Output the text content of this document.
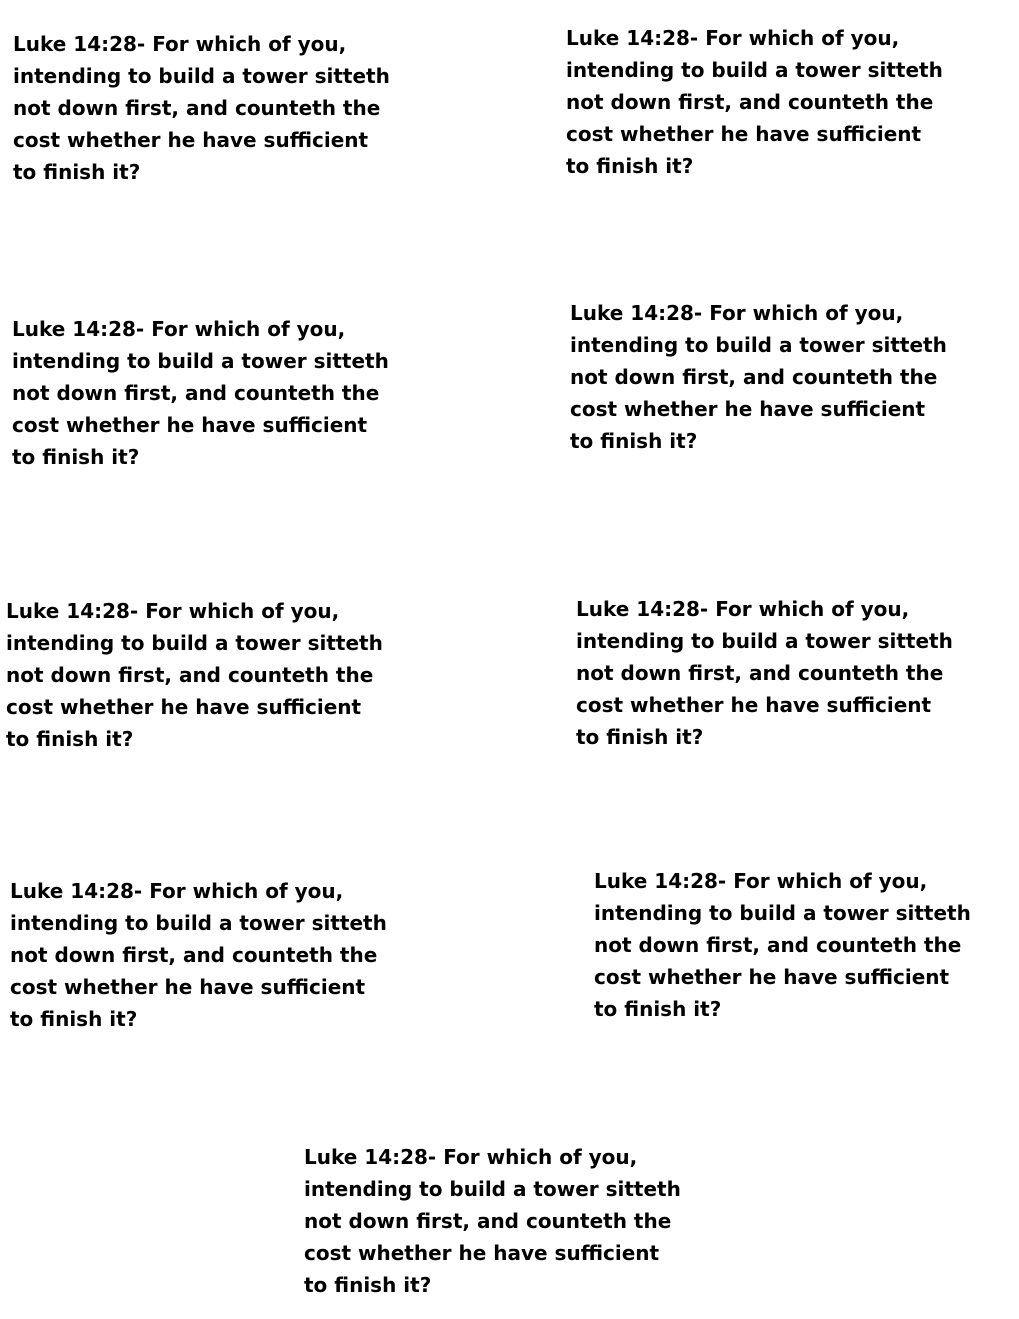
Luke 14:28- For which of you,
intending to build a tower sitteth
not down first, and counteth the
cost whether he have sufficient
to finish it?

Luke 14:28- For which of you,
intending to build a tower sitteth
not down first, and counteth the
cost whether he have sufficient
to finish it?

Luke 14:28- For which of you,
intending to build a tower sitteth
not down first, and counteth the
cost whether he have sufficient
to finish it?

Luke 14:28- For which of you,
intending to build a tower sitteth
not down first, and counteth the
cost whether he have sufficient
to finish it?

Luke 14:28- For which of you,
intending to build a tower sitteth
not down first, and counteth the
cost whether he have sufficient
to finish it?

Luke 14:28- For which of you,
intending to build a tower sitteth
not down first, and counteth the
cost whether he have sufficient
to finish it?

Luke 14:28- For which of you,
intending to build a tower sitteth
not down first, and counteth the
cost whether he have sufficient
to finish it?

Luke 14:28- For which of you,
intending to build a tower sitteth
not down first, and counteth the
cost whether he have sufficient
to finish it?

Luke 14:28- For which of you,
intending to build a tower sitteth
not down first, and counteth the
cost whether he have sufficient
to finish it?
